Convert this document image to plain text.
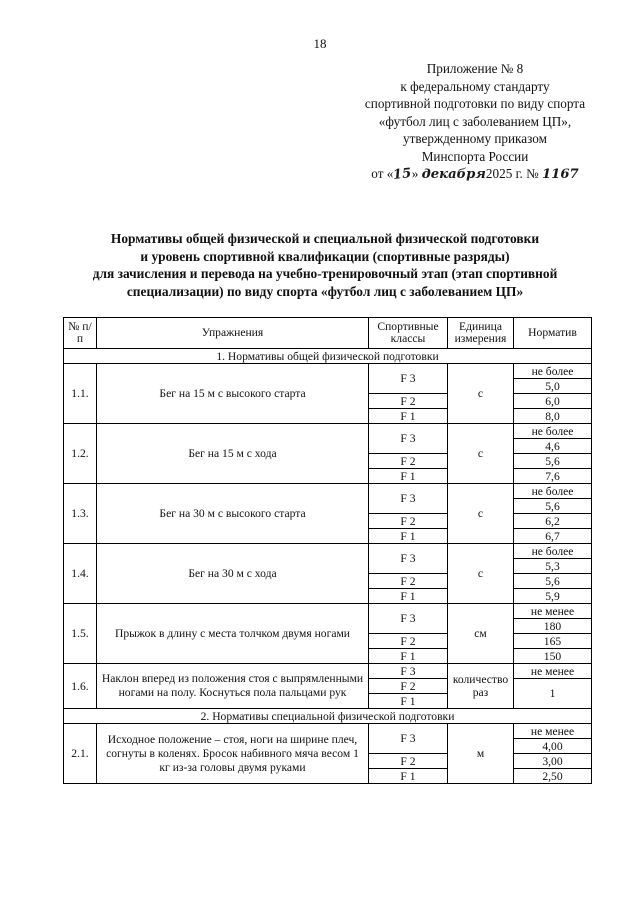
18
Приложение № 8
к федеральному стандарту
спортивной подготовки по виду спорта
«футбол лиц с заболеванием ЦП»,
утвержденному приказом
Минспорта России
от «15» декабря2025 г. № 1167
Нормативы общей физической и специальной физической подготовки
и уровень спортивной квалификации (спортивные разряды)
для зачисления и перевода на учебно-тренировочный этап (этап спортивной
специализации) по виду спорта «футбол лиц с заболеванием ЦП»
№ п/п	Упражнения	Спортивные классы	Единица измерения	Норматив
1. Нормативы общей физической подготовки				
1.1.	Бег на 15 м с высокого старта	F 3	с	не более
				5,0
		F 2		6,0
		F 1		8,0
1.2.	Бег на 15 м с хода	F 3	с	не более
				4,6
		F 2		5,6
		F 1		7,6
1.3.	Бег на 30 м с высокого старта	F 3	с	не более
				5,6
		F 2		6,2
		F 1		6,7
1.4.	Бег на 30 м с хода	F 3	с	не более
				5,3
		F 2		5,6
		F 1		5,9
1.5.	Прыжок в длину с места толчком двумя ногами	F 3	см	не менее
				180
		F 2		165
		F 1		150
1.6.	Наклон вперед из положения стоя с выпрямленными ногами на полу. Коснуться пола пальцами рук	F 3	количество раз	не менее
				1
		F 2		
		F 1		
2. Нормативы специальной физической подготовки				
2.1.	Исходное положение – стоя, ноги на ширине плеч, согнуты в коленях. Бросок набивного мяча весом 1 кг из-за головы двумя руками	F 3	м	не менее
				4,00
		F 2		3,00
		F 1		2,50
